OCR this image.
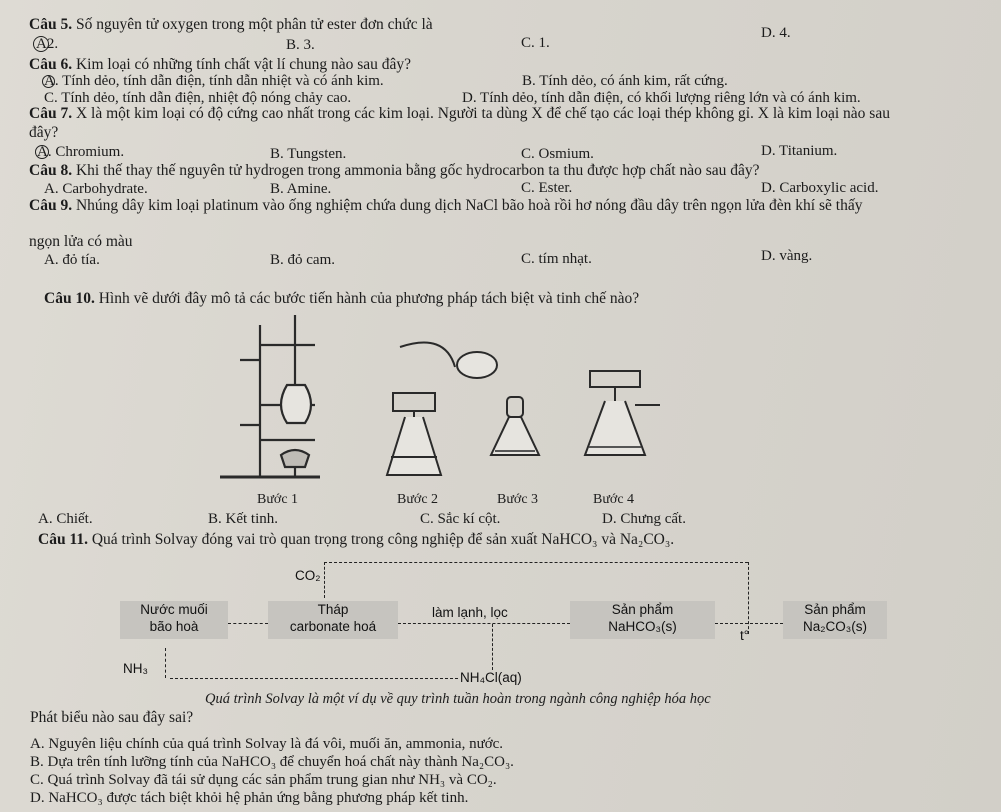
Câu 5. Số nguyên tử oxygen trong một phân tử ester đơn chức là
A2.	B. 3.	C. 1.
D. 4.
Câu 6. Kim loại có những tính chất vật lí chung nào sau đây?
A. Tính dẻo, tính dẫn điện, tính dẫn nhiệt và có ánh kim.	B. Tính dẻo, có ánh kim, rất cứng.
C. Tính dẻo, tính dẫn điện, nhiệt độ nóng chảy cao.	D. Tính dẻo, tính dẫn điện, có khối lượng riêng lớn và có ánh kim.
Câu 7. X là một kim loại có độ cứng cao nhất trong các kim loại. Người ta dùng X để chế tạo các loại thép không gỉ. X là kim loại nào sau
đây?
A. Chromium.	B. Tungsten.	C. Osmium.	D. Titanium.
Câu 8. Khi thế thay thế nguyên tử hydrogen trong ammonia bằng gốc hydrocarbon ta thu được hợp chất nào sau đây?
A. Carbohydrate.	B. Amine.	C. Ester.	D. Carboxylic acid.
Câu 9. Nhúng dây kim loại platinum vào ống nghiệm chứa dung dịch NaCl bão hoà rồi hơ nóng đầu dây trên ngọn lửa đèn khí sẽ thấy
ngọn lửa có màu
A. đỏ tía.	B. đỏ cam.	C. tím nhạt.	D. vàng.
Câu 10. Hình vẽ dưới đây mô tả các bước tiến hành của phương pháp tách biệt và tinh chế nào?
Bước 1	Bước 2	Bước 3	Bước 4
A. Chiết.	B. Kết tinh.	C. Sắc kí cột.	D. Chưng cất.
Câu 11. Quá trình Solvay đóng vai trò quan trọng trong công nghiệp để sản xuất NaHCO₃ và Na₂CO₃.
CO₂
Nước muối
bão hoà
Tháp
carbonate hoá
làm lạnh, lọc	Sản phẩm
NaHCO₃(s)
t°
Sản phẩm
Na₂CO₃(s)
NH₃
NH₄Cl(aq)
Quá trình Solvay là một ví dụ về quy trình tuần hoàn trong ngành công nghiệp hóa học
Phát biểu nào sau đây sai?
A. Nguyên liệu chính của quá trình Solvay là đá vôi, muối ăn, ammonia, nước.
B. Dựa trên tính lưỡng tính của NaHCO₃ để chuyển hoá chất này thành Na₂CO₃.
C. Quá trình Solvay đã tái sử dụng các sản phẩm trung gian như NH₃ và CO₂.
D. NaHCO₃ được tách biệt khỏi hệ phản ứng bằng phương pháp kết tinh.
